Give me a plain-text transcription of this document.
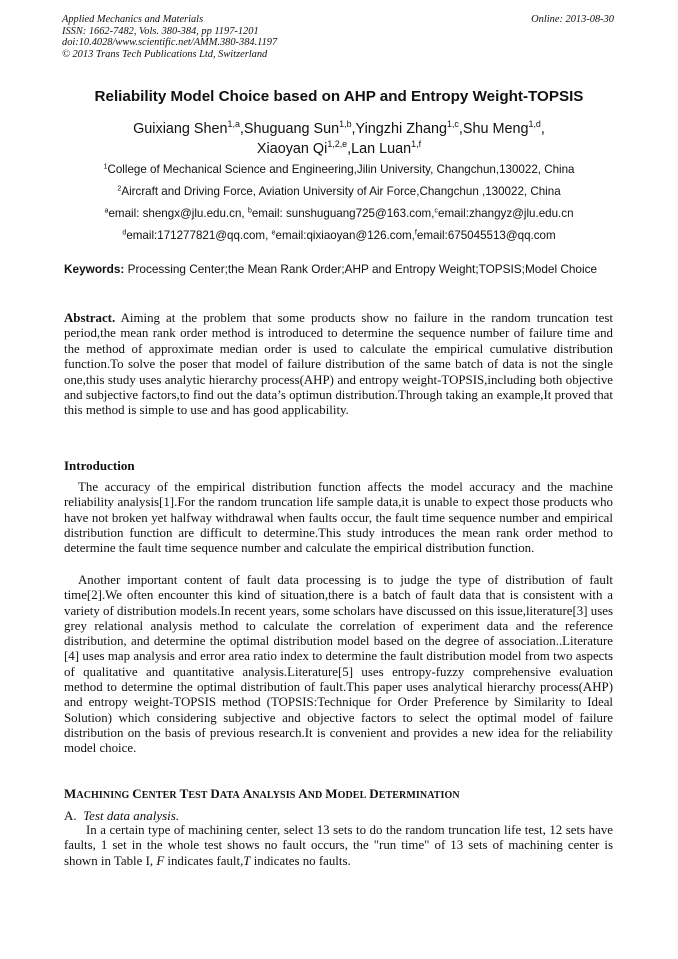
Applied Mechanics and Materials
ISSN: 1662-7482, Vols. 380-384, pp 1197-1201
doi:10.4028/www.scientific.net/AMM.380-384.1197
© 2013 Trans Tech Publications Ltd, Switzerland
Online: 2013-08-30
Reliability Model Choice based on AHP and Entropy Weight-TOPSIS
Guixiang Shen$^{1,a}$,Shuguang Sun$^{1,b}$,Yingzhi Zhang$^{1,c}$,Shu Meng$^{1,d}$,
Xiaoyan Qi$^{1,2,e}$,Lan Luan$^{1,f}$
$^1$College of Mechanical Science and Engineering,Jilin University, Changchun,130022, China
$^2$Aircraft and Driving Force, Aviation University of Air Force,Changchun ,130022, China
$^a$email: shengx@jlu.edu.cn, $^b$email: sunshuguang725@163.com,$^c$email:zhangyz@jlu.edu.cn
$^d$email:171277821@qq.com, $^e$email:qixiaoyan@126.com,$^f$email:675045513@qq.com
Keywords: Processing Center;the Mean Rank Order;AHP and Entropy Weight;TOPSIS;Model Choice
Abstract. Aiming at the problem that some products show no failure in the random truncation test period,the mean rank order method is introduced to determine the sequence number of failure time and the method of approximate median order is used to calculate the empirical cumulative distribution function.To solve the poser that model of failure distribution of the same batch of data is not the single one,this study uses analytic hierarchy process(AHP) and entropy weight-TOPSIS,including both objective and subjective factors,to find out the data’s optimun distribution.Through taking an example,It proved that this method is simple to use and has good applicability.
Introduction
The accuracy of the empirical distribution function affects the model accuracy and the machine reliability analysis[1].For the random truncation life sample data,it is unable to expect those products who have not broken yet halfway withdrawal when faults occur, the fault time sequence number and empirical distribution function are difficult to determine.This study introduces the mean rank order method to determine the fault time sequence number and calculate the empirical distribution function.
Another important content of fault data processing is to judge the type of distribution of fault time[2].We often encounter this kind of situation,there is a batch of fault data that is consistent with a variety of distribution models.In recent years, some scholars have discussed on this issue,literature[3] uses grey relational analysis method to calculate the correlation of experiment data and the reference distribution, and determine the optimal distribution model based on the degree of association..Literature [4] uses map analysis and error area ratio index to determine the fault distribution model from two aspects of qualitative and quantitative analysis.Literature[5] uses entropy-fuzzy comprehensive evaluation method to determine the optimal distribution of fault.This paper uses analytical hierarchy process(AHP) and entropy weight-TOPSIS method (TOPSIS:Technique for Order Preference by Similarity to Ideal Solution) which considering subjective and objective factors to select the optimal model of failure distribution on the basis of previous research.It is convenient and provides a new idea for the reliability model choice.
MACHINING CENTER TEST DATA ANALYSIS AND MODEL DETERMINATION
A. Test data analysis.
In a certain type of machining center, select 13 sets to do the random truncation life test, 12 sets have faults, 1 set in the whole test shows no fault occurs, the "run time" of 13 sets of machining center is shown in Table I, F indicates fault,T indicates no faults.
